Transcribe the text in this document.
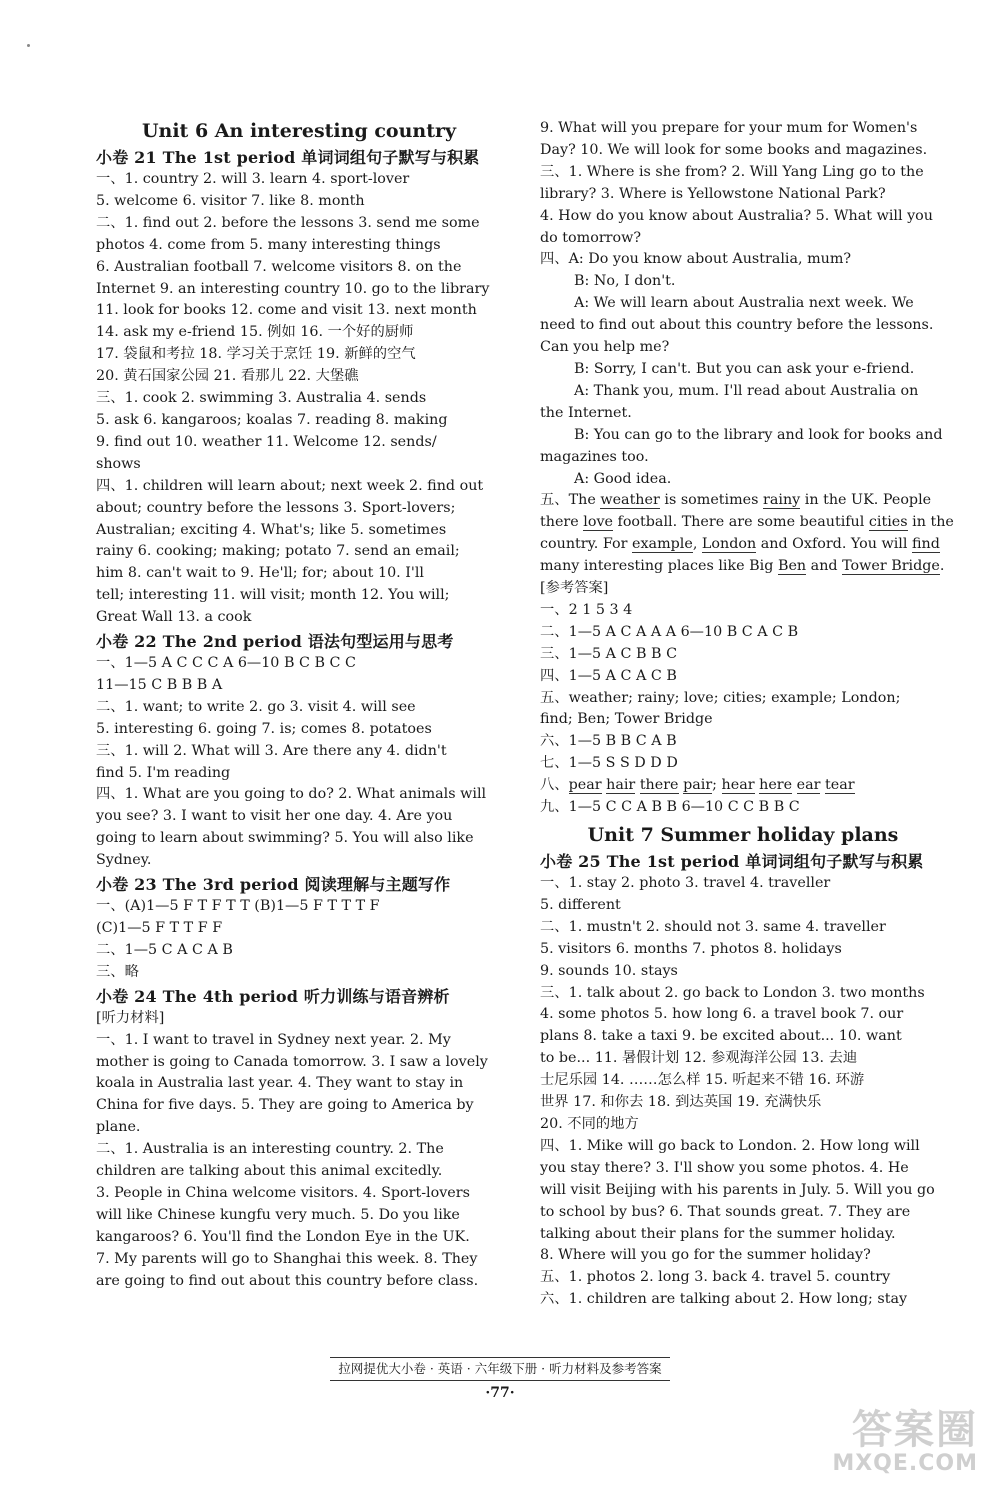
Unit 6 An interesting country
小卷 21 The 1st period 单词词组句子默写与积累
一、1. country 2. will 3. learn 4. sport-lover
5. welcome 6. visitor 7. like 8. month
二、1. find out 2. before the lessons 3. send me some
photos 4. come from 5. many interesting things
6. Australian football 7. welcome visitors 8. on the
Internet 9. an interesting country 10. go to the library
11. look for books 12. come and visit 13. next month
14. ask my e-friend 15. 例如 16. 一个好的厨师
17. 袋鼠和考拉 18. 学习关于烹饪 19. 新鲜的空气
20. 黄石国家公园 21. 看那儿 22. 大堡礁
三、1. cook 2. swimming 3. Australia 4. sends
5. ask 6. kangaroos; koalas 7. reading 8. making
9. find out 10. weather 11. Welcome 12. sends/
shows
四、1. children will learn about; next week 2. find out
about; country before the lessons 3. Sport-lovers;
Australian; exciting 4. What's; like 5. sometimes
rainy 6. cooking; making; potato 7. send an email;
him 8. can't wait to 9. He'll; for; about 10. I'll
tell; interesting 11. will visit; month 12. You will;
Great Wall 13. a cook
小卷 22 The 2nd period 语法句型运用与思考
一、1—5 A C C C A 6—10 B C B C C
11—15 C B B B A
二、1. want; to write 2. go 3. visit 4. will see
5. interesting 6. going 7. is; comes 8. potatoes
三、1. will 2. What will 3. Are there any 4. didn't
find 5. I'm reading
四、1. What are you going to do? 2. What animals will
you see? 3. I want to visit her one day. 4. Are you
going to learn about swimming? 5. You will also like
Sydney.
小卷 23 The 3rd period 阅读理解与主题写作
一、(A)1—5 F T F T T (B)1—5 F T T T F
(C)1—5 F T T F F
二、1—5 C A C A B
三、略
小卷 24 The 4th period 听力训练与语音辨析
[听力材料]
一、1. I want to travel in Sydney next year. 2. My
mother is going to Canada tomorrow. 3. I saw a lovely
koala in Australia last year. 4. They want to stay in
China for five days. 5. They are going to America by
plane.
二、1. Australia is an interesting country. 2. The
children are talking about this animal excitedly.
3. People in China welcome visitors. 4. Sport-lovers
will like Chinese kungfu very much. 5. Do you like
kangaroos? 6. You'll find the London Eye in the UK.
7. My parents will go to Shanghai this week. 8. They
are going to find out about this country before class.
9. What will you prepare for your mum for Women's
Day? 10. We will look for some books and magazines.
三、1. Where is she from? 2. Will Yang Ling go to the
library? 3. Where is Yellowstone National Park?
4. How do you know about Australia? 5. What will you
do tomorrow?
四、A: Do you know about Australia, mum?
B: No, I don't.
A: We will learn about Australia next week. We
need to find out about this country before the lessons.
Can you help me?
B: Sorry, I can't. But you can ask your e-friend.
A: Thank you, mum. I'll read about Australia on
the Internet.
B: You can go to the library and look for books and
magazines too.
A: Good idea.
五、The weather is sometimes rainy in the UK. People
there love football. There are some beautiful cities in the
country. For example, London and Oxford. You will find
many interesting places like Big Ben and Tower Bridge.
[参考答案]
一、2 1 5 3 4
二、1—5 A C A A A 6—10 B C A C B
三、1—5 A C B B C
四、1—5 A C A C B
五、weather; rainy; love; cities; example; London;
find; Ben; Tower Bridge
六、1—5 B B C A B
七、1—5 S S D D D
八、pear hair there pair; hear here ear tear
九、1—5 C C A B B 6—10 C C B B C
Unit 7 Summer holiday plans
小卷 25 The 1st period 单词词组句子默写与积累
一、1. stay 2. photo 3. travel 4. traveller
5. different
二、1. mustn't 2. should not 3. same 4. traveller
5. visitors 6. months 7. photos 8. holidays
9. sounds 10. stays
三、1. talk about 2. go back to London 3. two months
4. some photos 5. how long 6. a travel book 7. our
plans 8. take a taxi 9. be excited about... 10. want
to be... 11. 暑假计划 12. 参观海洋公园 13. 去迪
士尼乐园 14. ……怎么样 15. 听起来不错 16. 环游
世界 17. 和你去 18. 到达英国 19. 充满快乐
20. 不同的地方
四、1. Mike will go back to London. 2. How long will
you stay there? 3. I'll show you some photos. 4. He
will visit Beijing with his parents in July. 5. Will you go
to school by bus? 6. That sounds great. 7. They are
talking about their plans for the summer holiday.
8. Where will you go for the summer holiday?
五、1. photos 2. long 3. back 4. travel 5. country
六、1. children are talking about 2. How long; stay
拉网提优大小卷 · 英语 · 六年级下册 · 听力材料及参考答案
·77·
答案圈
MXQE.COM
